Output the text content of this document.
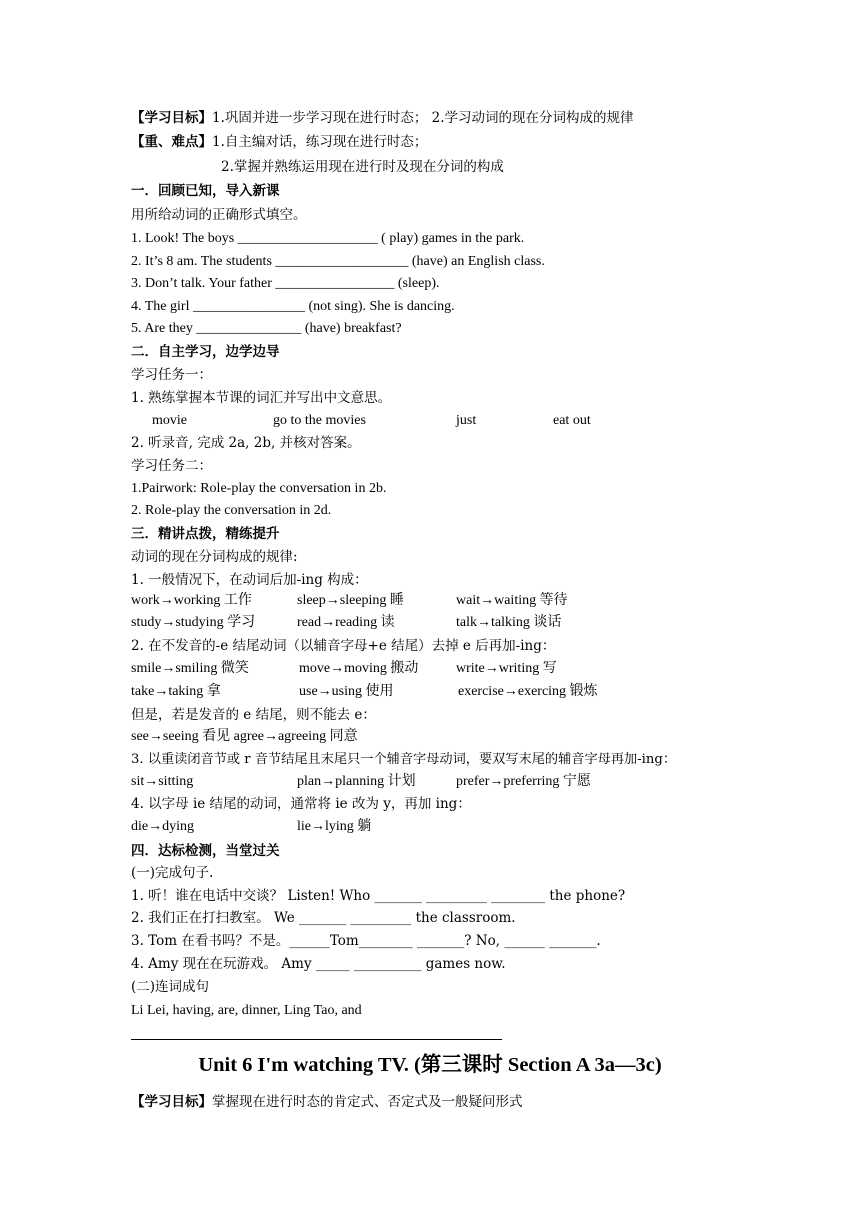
【学习目标】1.巩固并进一步学习现在进行时态； 2.学习动词的现在分词构成的规律
【重、难点】1.自主编对话，练习现在进行时态；
2.掌握并熟练运用现在进行时及现在分词的构成
一．回顾已知，导入新课
用所给动词的正确形式填空。
1. Look! The boys ____________________ ( play) games in the park.
2. It’s 8 am. The students ___________________ (have) an English class.
3. Don’t talk. Your father _________________ (sleep).
4. The girl ________________ (not sing). She is dancing.
5. Are they _______________ (have) breakfast?
二．自主学习，边学边导
学习任务一：
1. 熟练掌握本节课的词汇并写出中文意思。
movie	go to the movies	just	eat out
2. 听录音, 完成 2a, 2b, 并核对答案。
学习任务二：
1.Pairwork: Role-play the conversation in 2b.
2. Role-play the conversation in 2d.
三．精讲点拨，精练提升
动词的现在分词构成的规律:
1. 一般情况下，在动词后加-ing 构成：
work→working 工作	sleep→sleeping 睡	wait→waiting 等待
study→studying 学习	read→reading 读	talk→talking 谈话
2. 在不发音的-e 结尾动词（以辅音字母+e 结尾）去掉 e 后再加-ing：
smile→smiling 微笑	move→moving 搬动	write→writing 写
take→taking 拿	use→using 使用	exercise→exercing 锻炼
但是，若是发音的 e 结尾，则不能去 e：
see→seeing 看见 agree→agreeing 同意
3. 以重读闭音节或 r 音节结尾且末尾只一个辅音字母动词，要双写末尾的辅音字母再加-ing：
sit→sitting	plan→planning 计划	prefer→preferring 宁愿
4. 以字母 ie 结尾的动词，通常将 ie 改为 y，再加 ing：
die→dying	lie→lying 躺
四．达标检测，当堂过关
(一)完成句子.
1. 听！谁在电话中交谈？ Listen! Who _______ _________ ________ the phone?
2. 我们正在打扫教室。 We _______ _________ the classroom.
3. Tom 在看书吗？不是。______Tom________ _______? No, ______ _______.
4. Amy 现在在玩游戏。 Amy _____ __________ games now.
(二)连词成句
Li Lei, having, are, dinner, Ling Tao, and
Unit 6 I'm watching TV. (第三课时 Section A 3a—3c)
【学习目标】掌握现在进行时态的肯定式、否定式及一般疑问形式
